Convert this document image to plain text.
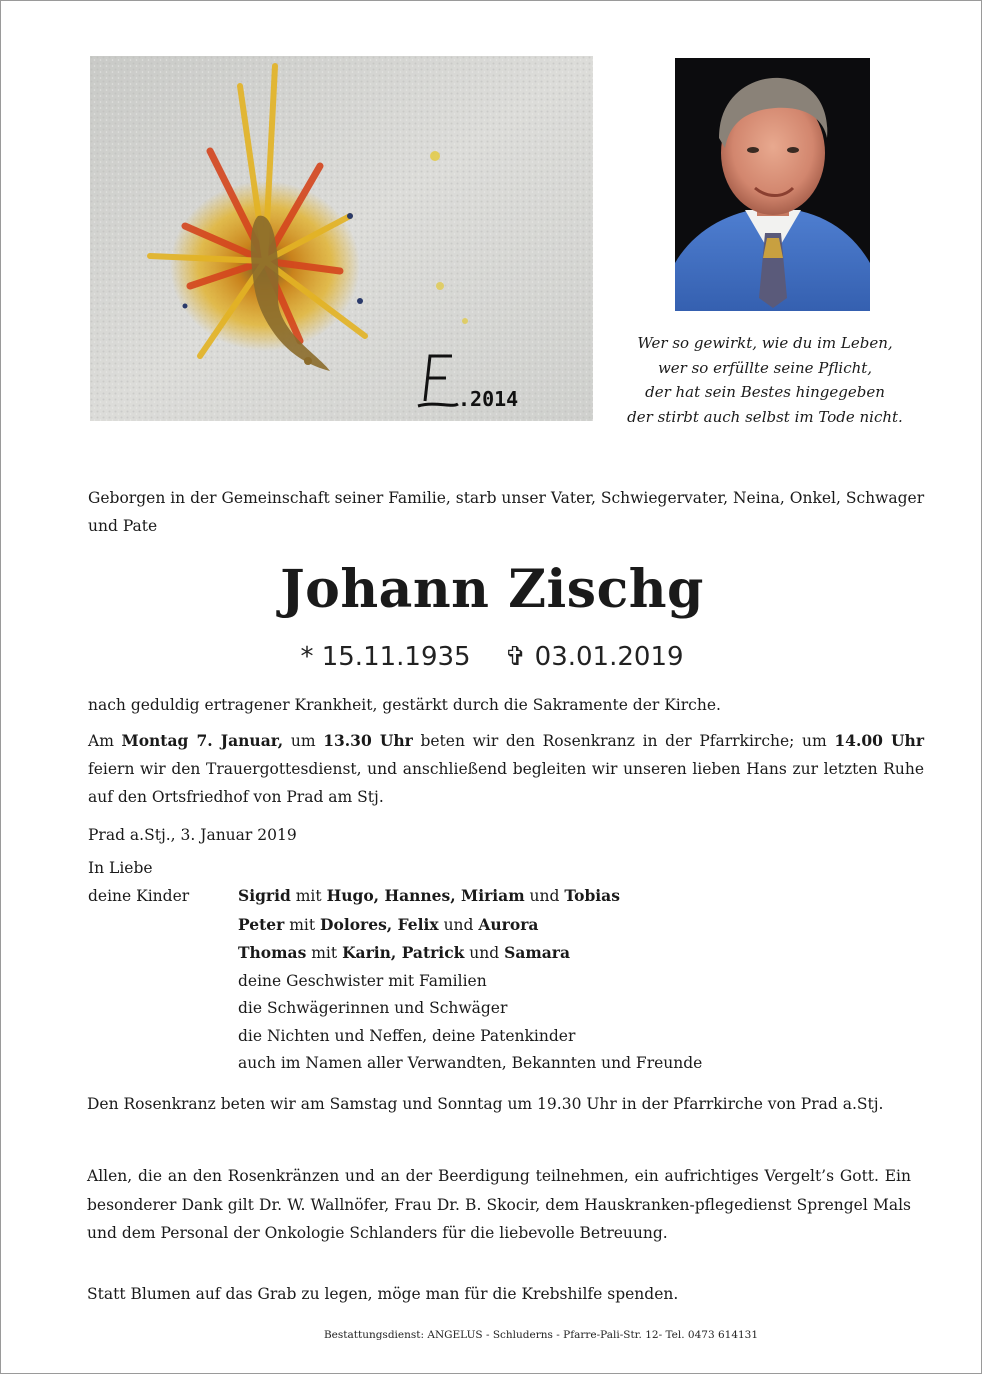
.2014
Wer so gewirkt, wie du im Leben,
wer so erfüllte seine Pflicht,
der hat sein Bestes hingegeben
der stirbt auch selbst im Tode nicht.
Geborgen in der Gemeinschaft seiner Familie, starb unser Vater, Schwiegervater, Neina, Onkel, Schwager und Pate
Johann Zischg
* 15.11.1935 ✞ 03.01.2019
nach geduldig ertragener Krankheit, gestärkt durch die Sakramente der Kirche.
Am Montag 7. Januar, um 13.30 Uhr beten wir den Rosenkranz in der Pfarrkirche; um 14.00 Uhr feiern wir den Trauergottesdienst, und anschließend begleiten wir unseren lieben Hans zur letzten Ruhe auf den Ortsfriedhof von Prad am Stj.
Prad a.Stj., 3. Januar 2019
In Liebe
deine Kinder	Sigrid mit Hugo, Hannes, Miriam und Tobias
Peter mit Dolores, Felix und Aurora
Thomas mit Karin, Patrick und Samara
deine Geschwister mit Familien
die Schwägerinnen und Schwäger
die Nichten und Neffen, deine Patenkinder
auch im Namen aller Verwandten, Bekannten und Freunde
Den Rosenkranz beten wir am Samstag und Sonntag um 19.30 Uhr in der Pfarrkirche von Prad a.Stj.
Allen, die an den Rosenkränzen und an der Beerdigung teilnehmen, ein aufrichtiges Vergelt’s Gott. Ein besonderer Dank gilt Dr. W. Wallnöfer, Frau Dr. B. Skocir, dem Hauskranken-pflegedienst Sprengel Mals und dem Personal der Onkologie Schlanders für die liebevolle Betreuung.
Statt Blumen auf das Grab zu legen, möge man für die Krebshilfe spenden.
Bestattungsdienst: ANGELUS - Schluderns - Pfarre-Pali-Str. 12- Tel. 0473 614131
